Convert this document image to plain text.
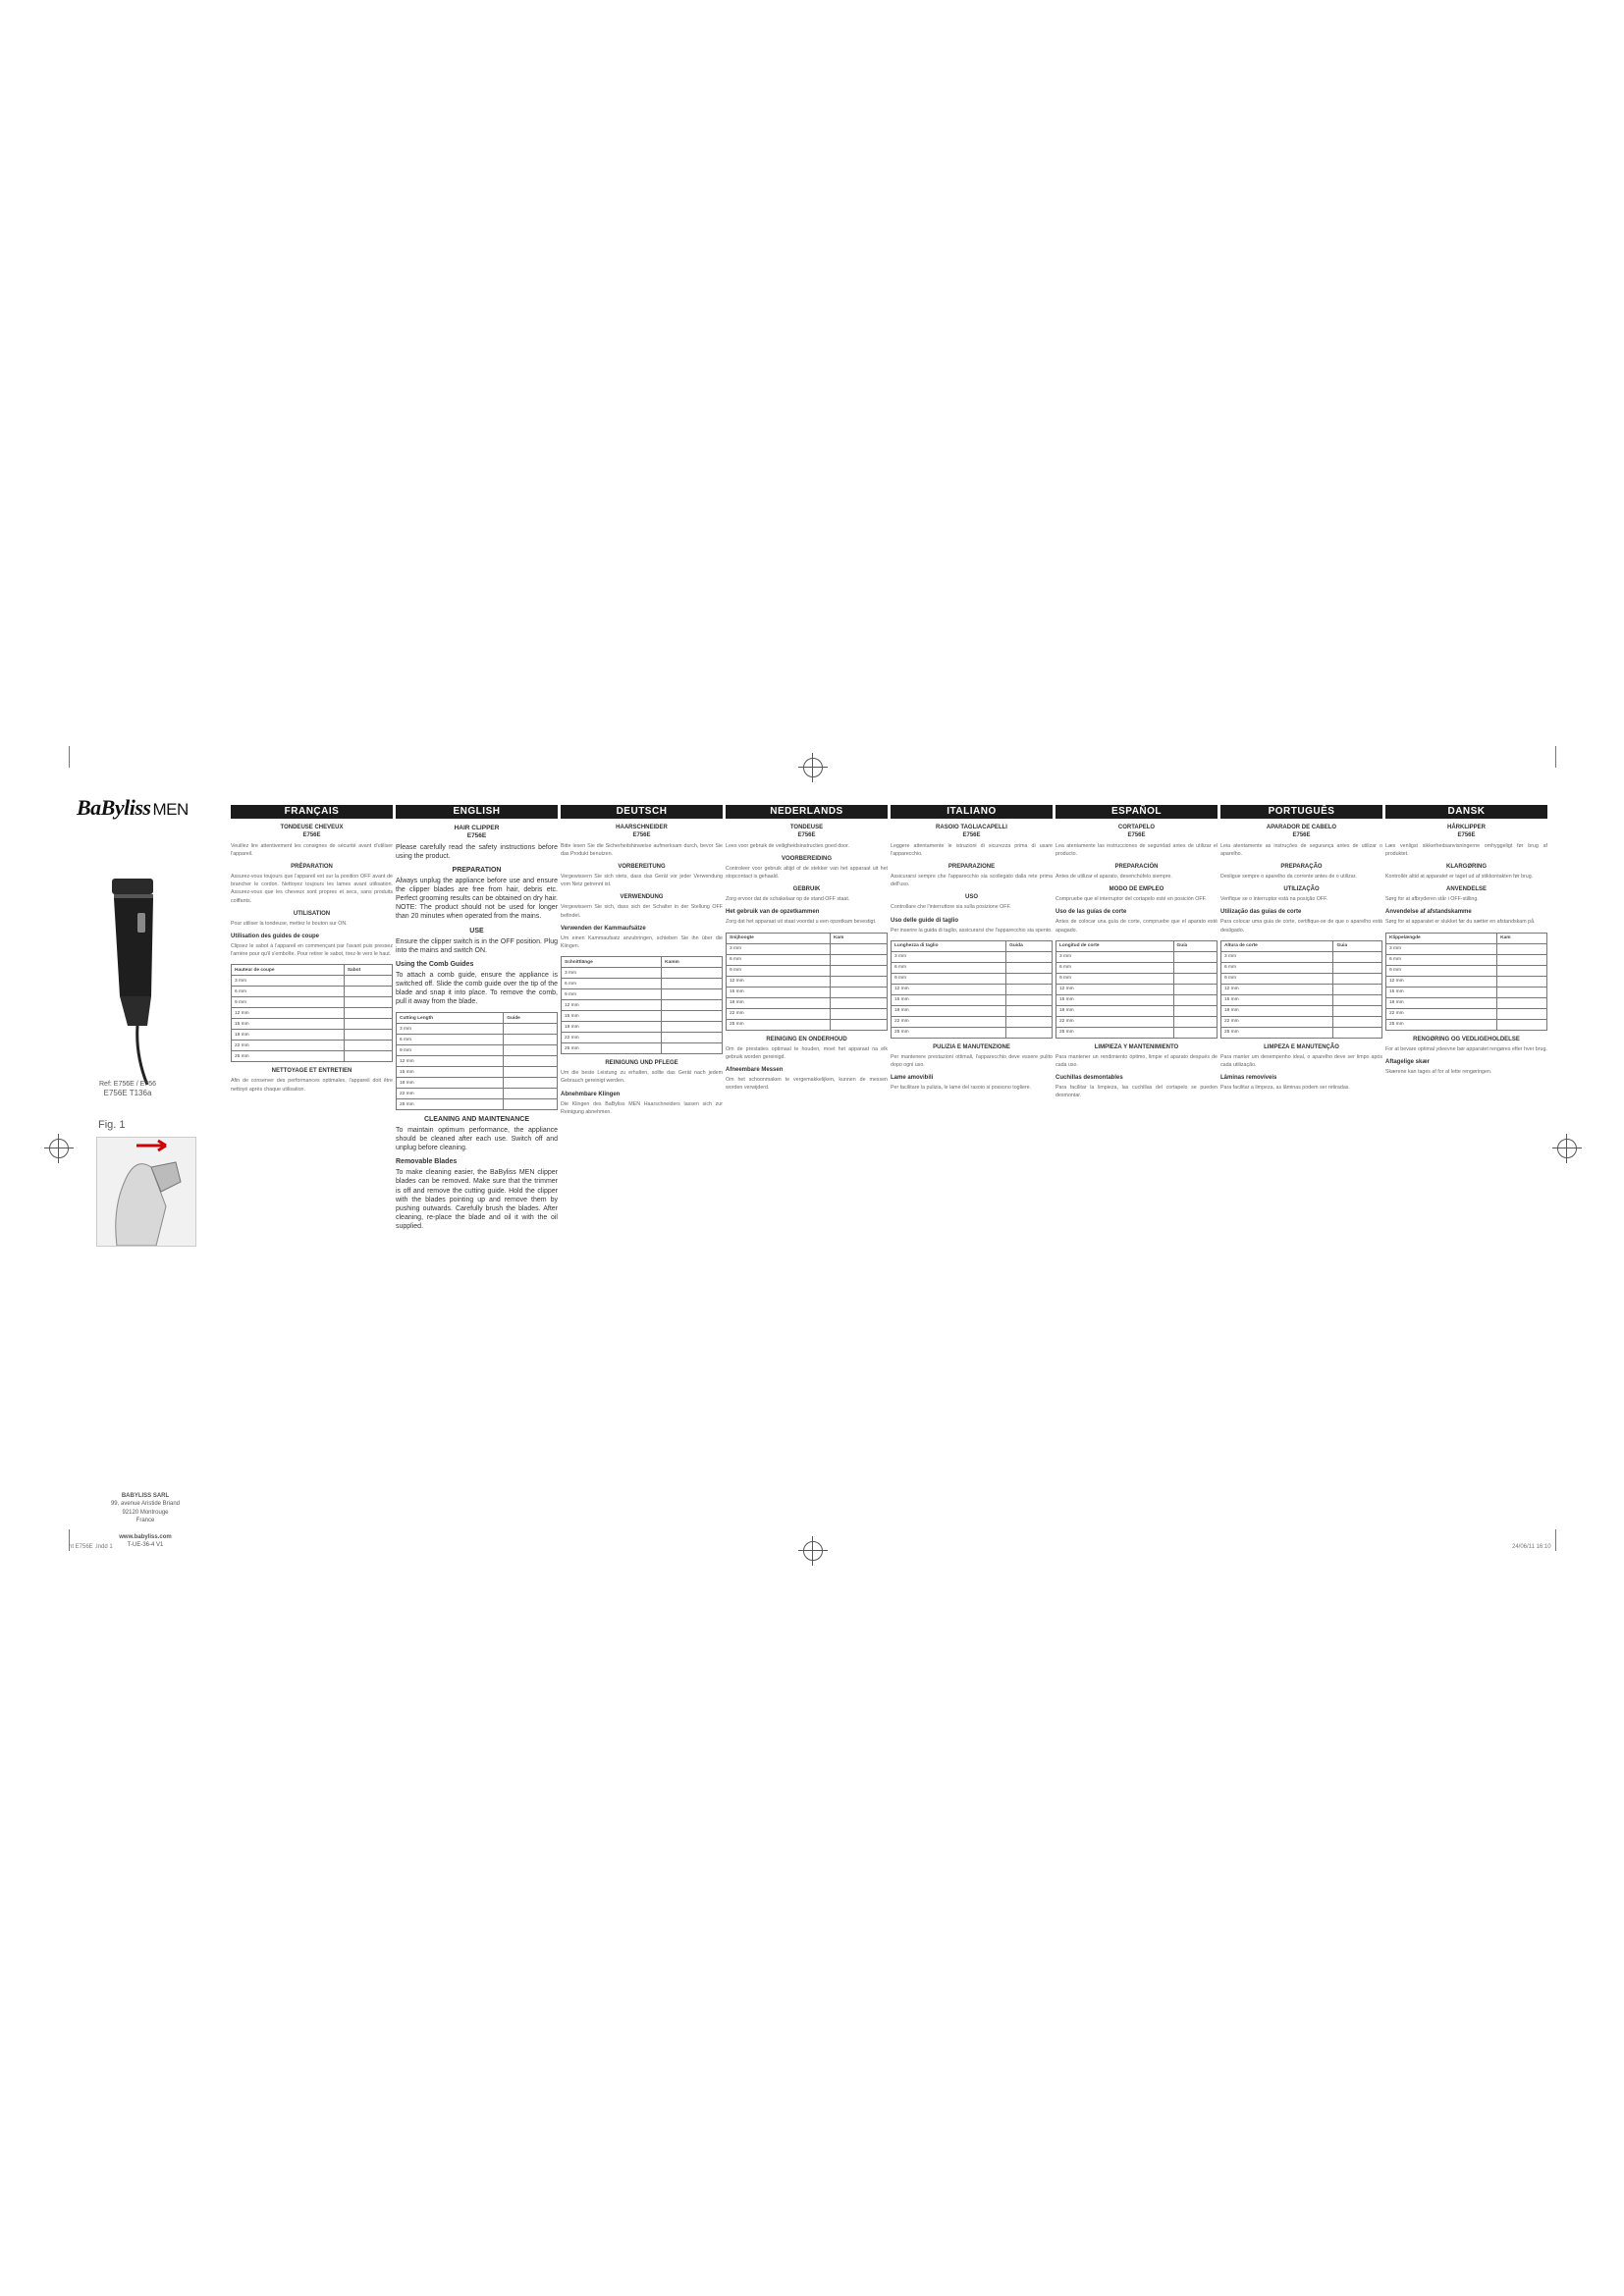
BaByliss MEN
Ref: E756E / E756
E756E T136a
Fig. 1
BABYLISS SARL
99, avenue Aristide Briand
92120 Montrouge
France
www.babyliss.com
T-UE-36-4 V1
FRANÇAIS
TONDEUSE CHEVEUX
E756E
Veuillez lire attentivement les consignes de sécurité avant d'utiliser l'appareil.
PRÉPARATION
Assurez-vous toujours que l'appareil est sur la position OFF avant de brancher le cordon. Nettoyez toujours les lames avant utilisation. Assurez-vous que les cheveux sont propres et secs, sans produits coiffants.
UTILISATION
Pour utiliser la tondeuse, mettez le bouton sur ON.
Utilisation des guides de coupe
Clipsez le sabot à l'appareil en commençant par l'avant puis pressez l'arrière pour qu'il s'emboîte. Pour retirer le sabot, tirez-le vers le haut.
Hauteur de coupe	Sabot
3 mm	
6 mm	
9 mm	
12 mm	
15 mm	
18 mm	
22 mm	
25 mm	
NETTOYAGE ET ENTRETIEN
Afin de conserver des performances optimales, l'appareil doit être nettoyé après chaque utilisation.
ENGLISH
HAIR CLIPPER
E756E
Please carefully read the safety instructions before using the product.
PREPARATION
Always unplug the appliance before use and ensure the clipper blades are free from hair, debris etc. Perfect grooming results can be obtained on dry hair. NOTE: The product should not be used for longer than 20 minutes when operated from the mains.
USE
Ensure the clipper switch is in the OFF position. Plug into the mains and switch ON.
Using the Comb Guides
To attach a comb guide, ensure the appliance is switched off. Slide the comb guide over the tip of the blade and snap it into place. To remove the comb, pull it away from the blade.
Cutting Length	Guide
3 mm	
6 mm	
9 mm	
12 mm	
15 mm	
18 mm	
22 mm	
25 mm	
CLEANING AND MAINTENANCE
To maintain optimum performance, the appliance should be cleaned after each use. Switch off and unplug before cleaning.
Removable Blades
To make cleaning easier, the BaByliss MEN clipper blades can be removed. Make sure that the trimmer is off and remove the cutting guide. Hold the clipper with the blades pointing up and remove them by pushing outwards. Carefully brush the blades. After cleaning, re-place the blade and oil it with the oil supplied.
DEUTSCH
HAARSCHNEIDER
E756E
Bitte lesen Sie die Sicherheitshinweise aufmerksam durch, bevor Sie das Produkt benutzen.
VORBEREITUNG
Vergewissern Sie sich stets, dass das Gerät vor jeder Verwendung vom Netz getrennt ist.
VERWENDUNG
Vergewissern Sie sich, dass sich der Schalter in der Stellung OFF befindet.
Verwenden der Kammaufsätze
Um einen Kammaufsatz anzubringen, schieben Sie ihn über die Klingen.
Schnittlänge	Kamm
3 mm	
6 mm	
9 mm	
12 mm	
15 mm	
18 mm	
22 mm	
25 mm	
REINIGUNG UND PFLEGE
Um die beste Leistung zu erhalten, sollte das Gerät nach jedem Gebrauch gereinigt werden.
Abnehmbare Klingen
Die Klingen des BaByliss MEN Haarschneiders lassen sich zur Reinigung abnehmen.
NEDERLANDS
TONDEUSE
E756E
Lees voor gebruik de veiligheidsinstructies goed door.
VOORBEREIDING
Controleer voor gebruik altijd of de stekker van het apparaat uit het stopcontact is gehaald.
GEBRUIK
Zorg ervoor dat de schakelaar op de stand OFF staat.
Het gebruik van de opzetkammen
Zorg dat het apparaat uit staat voordat u een opzetkam bevestigt.
Snijhoogte	Kam
3 mm	
6 mm	
9 mm	
12 mm	
15 mm	
18 mm	
22 mm	
25 mm	
REINIGING EN ONDERHOUD
Om de prestaties optimaal te houden, moet het apparaat na elk gebruik worden gereinigd.
Afneembare Messen
Om het schoonmaken te vergemakkelijken, kunnen de messen worden verwijderd.
ITALIANO
RASOIO TAGLIACAPELLI
E756E
Leggere attentamente le istruzioni di sicurezza prima di usare l'apparecchio.
PREPARAZIONE
Assicurarsi sempre che l'apparecchio sia scollegato dalla rete prima dell'uso.
USO
Controllare che l'interruttore sia sulla posizione OFF.
Uso delle guide di taglio
Per inserire la guida di taglio, assicurarsi che l'apparecchio sia spento.
Lunghezza di taglio	Guida
3 mm	
6 mm	
9 mm	
12 mm	
15 mm	
18 mm	
22 mm	
25 mm	
PULIZIA E MANUTENZIONE
Per mantenere prestazioni ottimali, l'apparecchio deve essere pulito dopo ogni uso.
Lame amovibili
Per facilitare la pulizia, le lame del rasoio si possono togliere.
ESPAÑOL
CORTAPELO
E756E
Lea atentamente las instrucciones de seguridad antes de utilizar el producto.
PREPARACIÓN
Antes de utilizar el aparato, desenchúfelo siempre.
MODO DE EMPLEO
Compruebe que el interruptor del cortapelo esté en posición OFF.
Uso de las guías de corte
Antes de colocar una guía de corte, compruebe que el aparato esté apagado.
Longitud de corte	Guía
3 mm	
6 mm	
9 mm	
12 mm	
15 mm	
18 mm	
22 mm	
25 mm	
LIMPIEZA Y MANTENIMIENTO
Para mantener un rendimiento óptimo, limpie el aparato después de cada uso.
Cuchillas desmontables
Para facilitar la limpieza, las cuchillas del cortapelo se pueden desmontar.
PORTUGUÊS
APARADOR DE CABELO
E756E
Leia atentamente as instruções de segurança antes de utilizar o aparelho.
PREPARAÇÃO
Desligue sempre o aparelho da corrente antes de o utilizar.
UTILIZAÇÃO
Verifique se o interruptor está na posição OFF.
Utilização das guias de corte
Para colocar uma guia de corte, certifique-se de que o aparelho está desligado.
Altura de corte	Guia
3 mm	
6 mm	
9 mm	
12 mm	
15 mm	
18 mm	
22 mm	
25 mm	
LIMPEZA E MANUTENÇÃO
Para manter um desempenho ideal, o aparelho deve ser limpo após cada utilização.
Lâminas removíveis
Para facilitar a limpeza, as lâminas podem ser retiradas.
DANSK
HÅRKLIPPER
E756E
Læs venligst sikkerhedsanvisningerne omhyggeligt før brug af produktet.
KLARGØRING
Kontrollér altid at apparatet er taget ud af stikkontakten før brug.
ANVENDELSE
Sørg for at afbryderen står i OFF-stilling.
Anvendelse af afstandskamme
Sørg for at apparatet er slukket før du sætter en afstandskam på.
Klippelængde	Kam
3 mm	
6 mm	
9 mm	
12 mm	
15 mm	
18 mm	
22 mm	
25 mm	
RENGØRING OG VEDLIGEHOLDELSE
For at bevare optimal ydeevne bør apparatet rengøres efter hver brug.
Aftagelige skær
Skærene kan tages af for at lette rengøringen.
ht E756E .Indd 1	24/06/11 16:10
